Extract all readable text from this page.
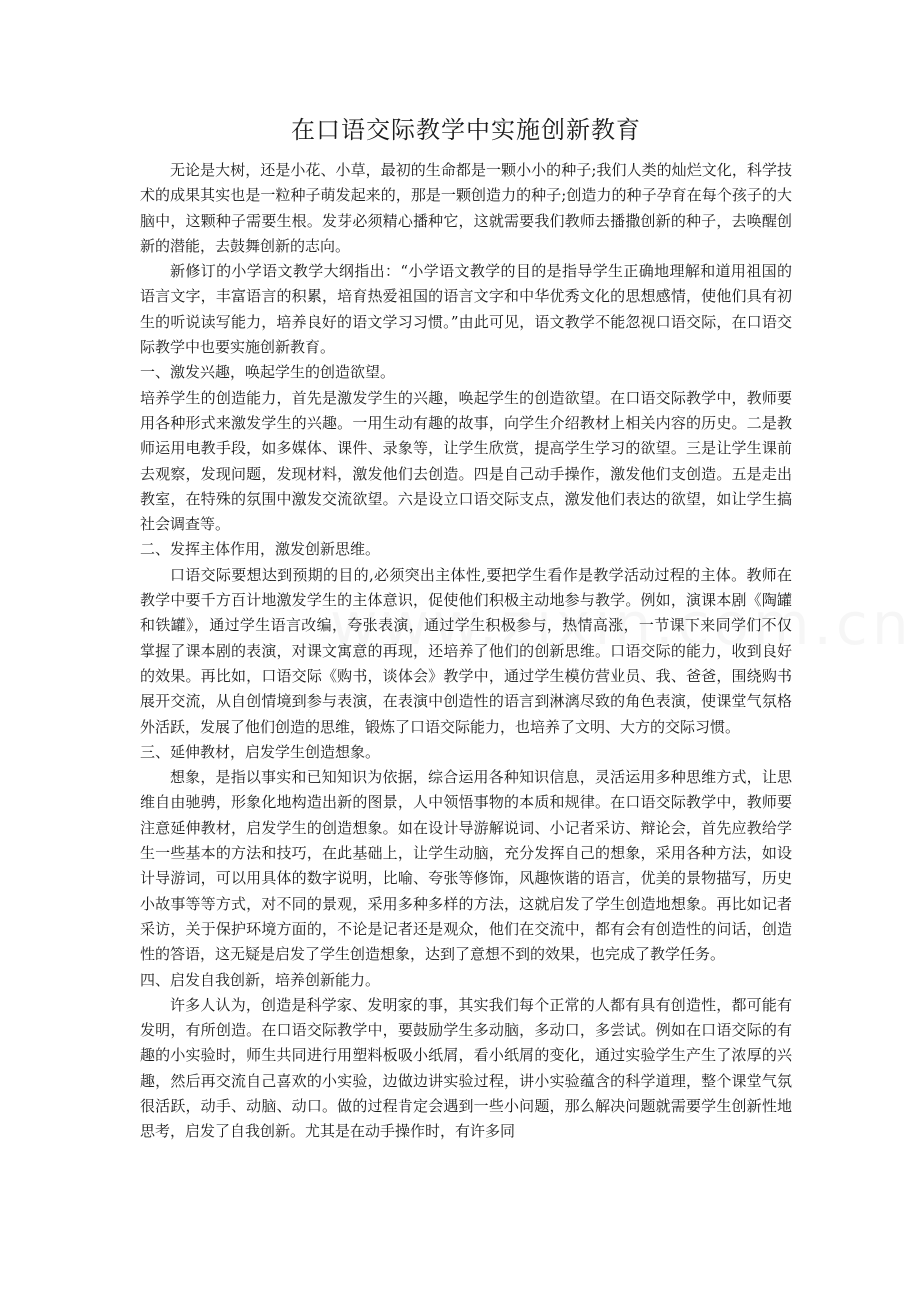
在口语交际教学中实施创新教育

无论是大树，还是小花、小草，最初的生命都是一颗小小的种子;我们人类的灿烂文化，科学技术的成果其实也是一粒种子萌发起来的，那是一颗创造力的种子;创造力的种子孕育在每个孩子的大脑中，这颗种子需要生根。发芽必须精心播种它，这就需要我们教师去播撒创新的种子，去唤醒创新的潜能，去鼓舞创新的志向。

新修订的小学语文教学大纲指出：“小学语文教学的目的是指导学生正确地理解和道用祖国的语言文字，丰富语言的积累，培育热爱祖国的语言文字和中华优秀文化的思想感情，使他们具有初生的听说读写能力，培养良好的语文学习习惯。”由此可见，语文教学不能忽视口语交际，在口语交际教学中也要实施创新教育。

一、激发兴趣，唤起学生的创造欲望。

培养学生的创造能力，首先是激发学生的兴趣，唤起学生的创造欲望。在口语交际教学中，教师要用各种形式来激发学生的兴趣。一用生动有趣的故事，向学生介绍教材上相关内容的历史。二是教师运用电教手段，如多媒体、课件、录象等，让学生欣赏，提高学生学习的欲望。三是让学生课前去观察，发现问题，发现材料，激发他们去创造。四是自己动手操作，激发他们支创造。五是走出教室，在特殊的氛围中激发交流欲望。六是设立口语交际支点，激发他们表达的欲望，如让学生搞社会调查等。

二、发挥主体作用，激发创新思维。

口语交际要想达到预期的目的,必须突出主体性,要把学生看作是教学活动过程的主体。教师在教学中要千方百计地激发学生的主体意识，促使他们积极主动地参与教学。例如，演课本剧《陶罐和铁罐》，通过学生语言改编，夸张表演，通过学生积极参与，热情高涨，一节课下来同学们不仅掌握了课本剧的表演，对课文寓意的再现，还培养了他们的创新思维。口语交际的能力，收到良好的效果。再比如，口语交际《购书，谈体会》教学中，通过学生模仿营业员、我、爸爸，围绕购书展开交流，从自创情境到参与表演，在表演中创造性的语言到淋漓尽致的角色表演，使课堂气氛格外活跃，发展了他们创造的思维，锻炼了口语交际能力，也培养了文明、大方的交际习惯。

三、延伸教材，启发学生创造想象。

想象，是指以事实和已知知识为依据，综合运用各种知识信息，灵活运用多种思维方式，让思维自由驰骋，形象化地构造出新的图景，人中领悟事物的本质和规律。在口语交际教学中，教师要注意延伸教材，启发学生的创造想象。如在设计导游解说词、小记者采访、辩论会，首先应教给学生一些基本的方法和技巧，在此基础上，让学生动脑，充分发挥自己的想象，采用各种方法，如设计导游词，可以用具体的数字说明，比喻、夸张等修饰，风趣恢谐的语言，优美的景物描写，历史小故事等等方式，对不同的景观，采用多种多样的方法，这就启发了学生创造地想象。再比如记者采访，关于保护环境方面的，不论是记者还是观众，他们在交流中，都有会有创造性的问话，创造性的答语，这无疑是启发了学生创造想象，达到了意想不到的效果，也完成了教学任务。

四、启发自我创新，培养创新能力。

许多人认为，创造是科学家、发明家的事，其实我们每个正常的人都有具有创造性，都可能有发明，有所创造。在口语交际教学中，要鼓励学生多动脑，多动口，多尝试。例如在口语交际的有趣的小实验时，师生共同进行用塑料板吸小纸屑，看小纸屑的变化，通过实验学生产生了浓厚的兴趣，然后再交流自己喜欢的小实验，边做边讲实验过程，讲小实验蕴含的科学道理，整个课堂气氛很活跃，动手、动脑、动口。做的过程肯定会遇到一些小问题，那么解决问题就需要学生创新性地思考，启发了自我创新。尤其是在动手操作时，有许多同
